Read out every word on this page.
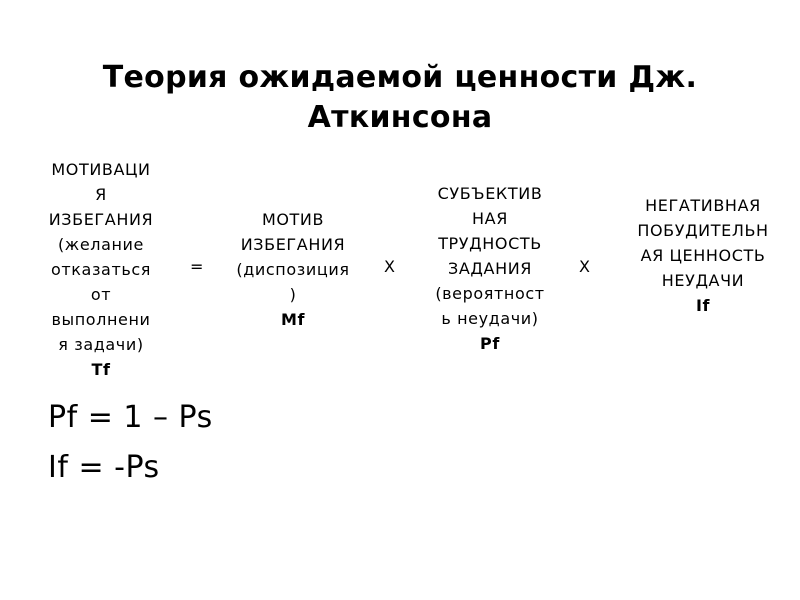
Теория ожидаемой ценности Дж.
Аткинсона
МОТИВАЦИ
Я
ИЗБЕГАНИЯ
(желание
отказаться
от
выполнени
я задачи)
Tf
=
МОТИВ
ИЗБЕГАНИЯ
(диспозиция
)
Mf
X
СУБЪЕКТИВ
НАЯ
ТРУДНОСТЬ
ЗАДАНИЯ
(вероятност
ь неудачи)
Pf
X
НЕГАТИВНАЯ
ПОБУДИТЕЛЬН
АЯ ЦЕННОСТЬ
НЕУДАЧИ
If
Pf = 1 – Ps
If = -Ps
